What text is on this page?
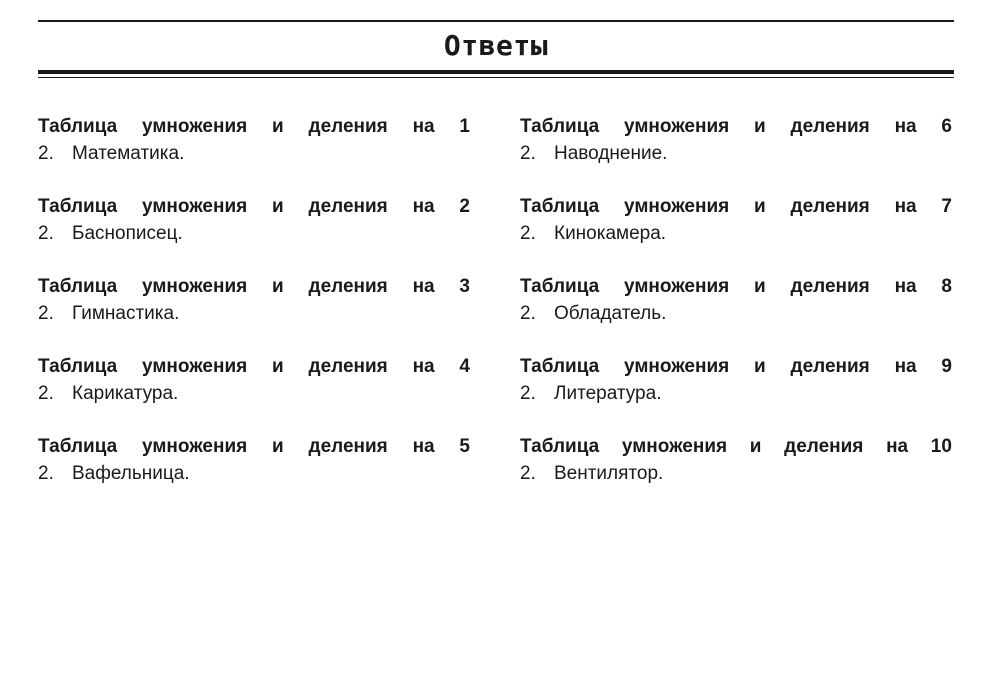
Ответы
Таблица умножения и деления на 1
2. Математика.
Таблица умножения и деления на 2
2. Баснописец.
Таблица умножения и деления на 3
2. Гимнастика.
Таблица умножения и деления на 4
2. Карикатура.
Таблица умножения и деления на 5
2. Вафельница.
Таблица умножения и деления на 6
2. Наводнение.
Таблица умножения и деления на 7
2. Кинокамера.
Таблица умножения и деления на 8
2. Обладатель.
Таблица умножения и деления на 9
2. Литература.
Таблица умножения и деления на 10
2. Вентилятор.
